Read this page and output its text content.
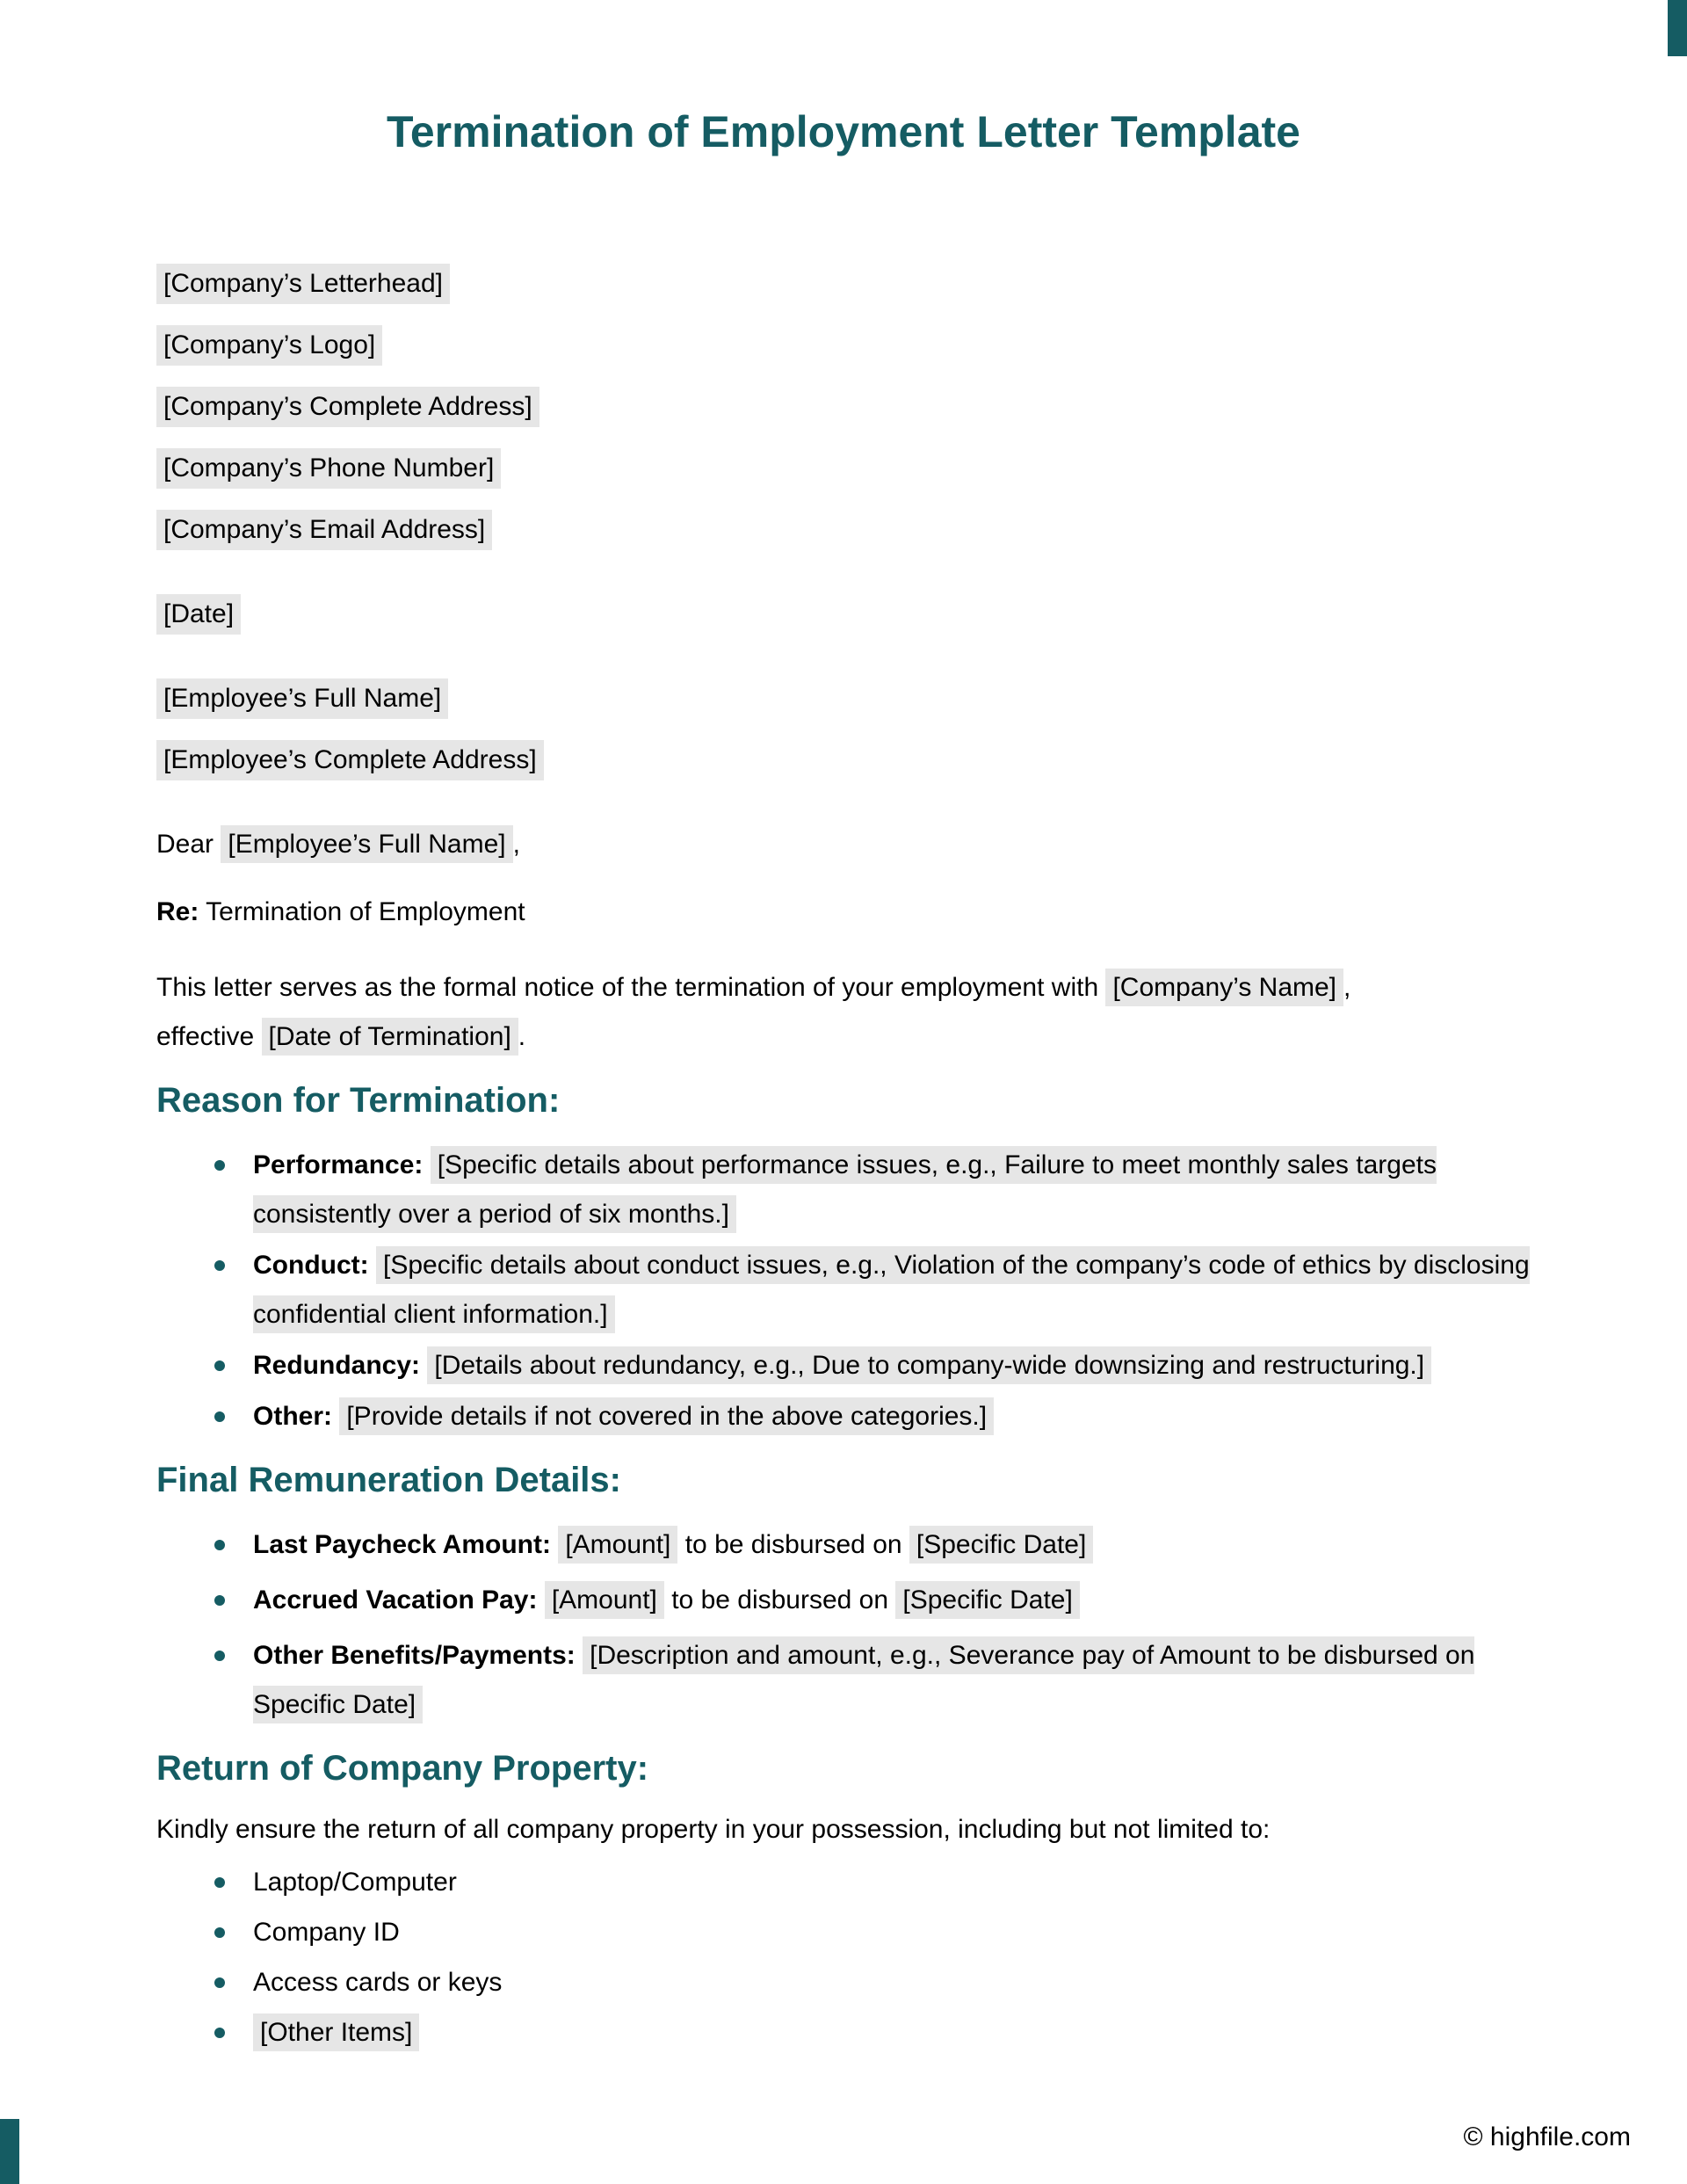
Termination of Employment Letter Template

[Company’s Letterhead]

[Company’s Logo]

[Company’s Complete Address]

[Company’s Phone Number]

[Company’s Email Address]

[Date]

[Employee’s Full Name]

[Employee’s Complete Address]

Dear [Employee’s Full Name] ,

Re: Termination of Employment

This letter serves as the formal notice of the termination of your employment with [Company’s Name] , effective [Date of Termination] .

Reason for Termination:
Performance: [Specific details about performance issues, e.g., Failure to meet monthly sales targets consistently over a period of six months.]
Conduct: [Specific details about conduct issues, e.g., Violation of the company’s code of ethics by disclosing confidential client information.]
Redundancy: [Details about redundancy, e.g., Due to company-wide downsizing and restructuring.]
Other: [Provide details if not covered in the above categories.]
Final Remuneration Details:
Last Paycheck Amount: [Amount] to be disbursed on [Specific Date]
Accrued Vacation Pay: [Amount] to be disbursed on [Specific Date]
Other Benefits/Payments: [Description and amount, e.g., Severance pay of Amount to be disbursed on Specific Date]
Return of Company Property:

Kindly ensure the return of all company property in your possession, including but not limited to:

Laptop/Computer
Company ID
Access cards or keys
[Other Items]
© highfile.com
